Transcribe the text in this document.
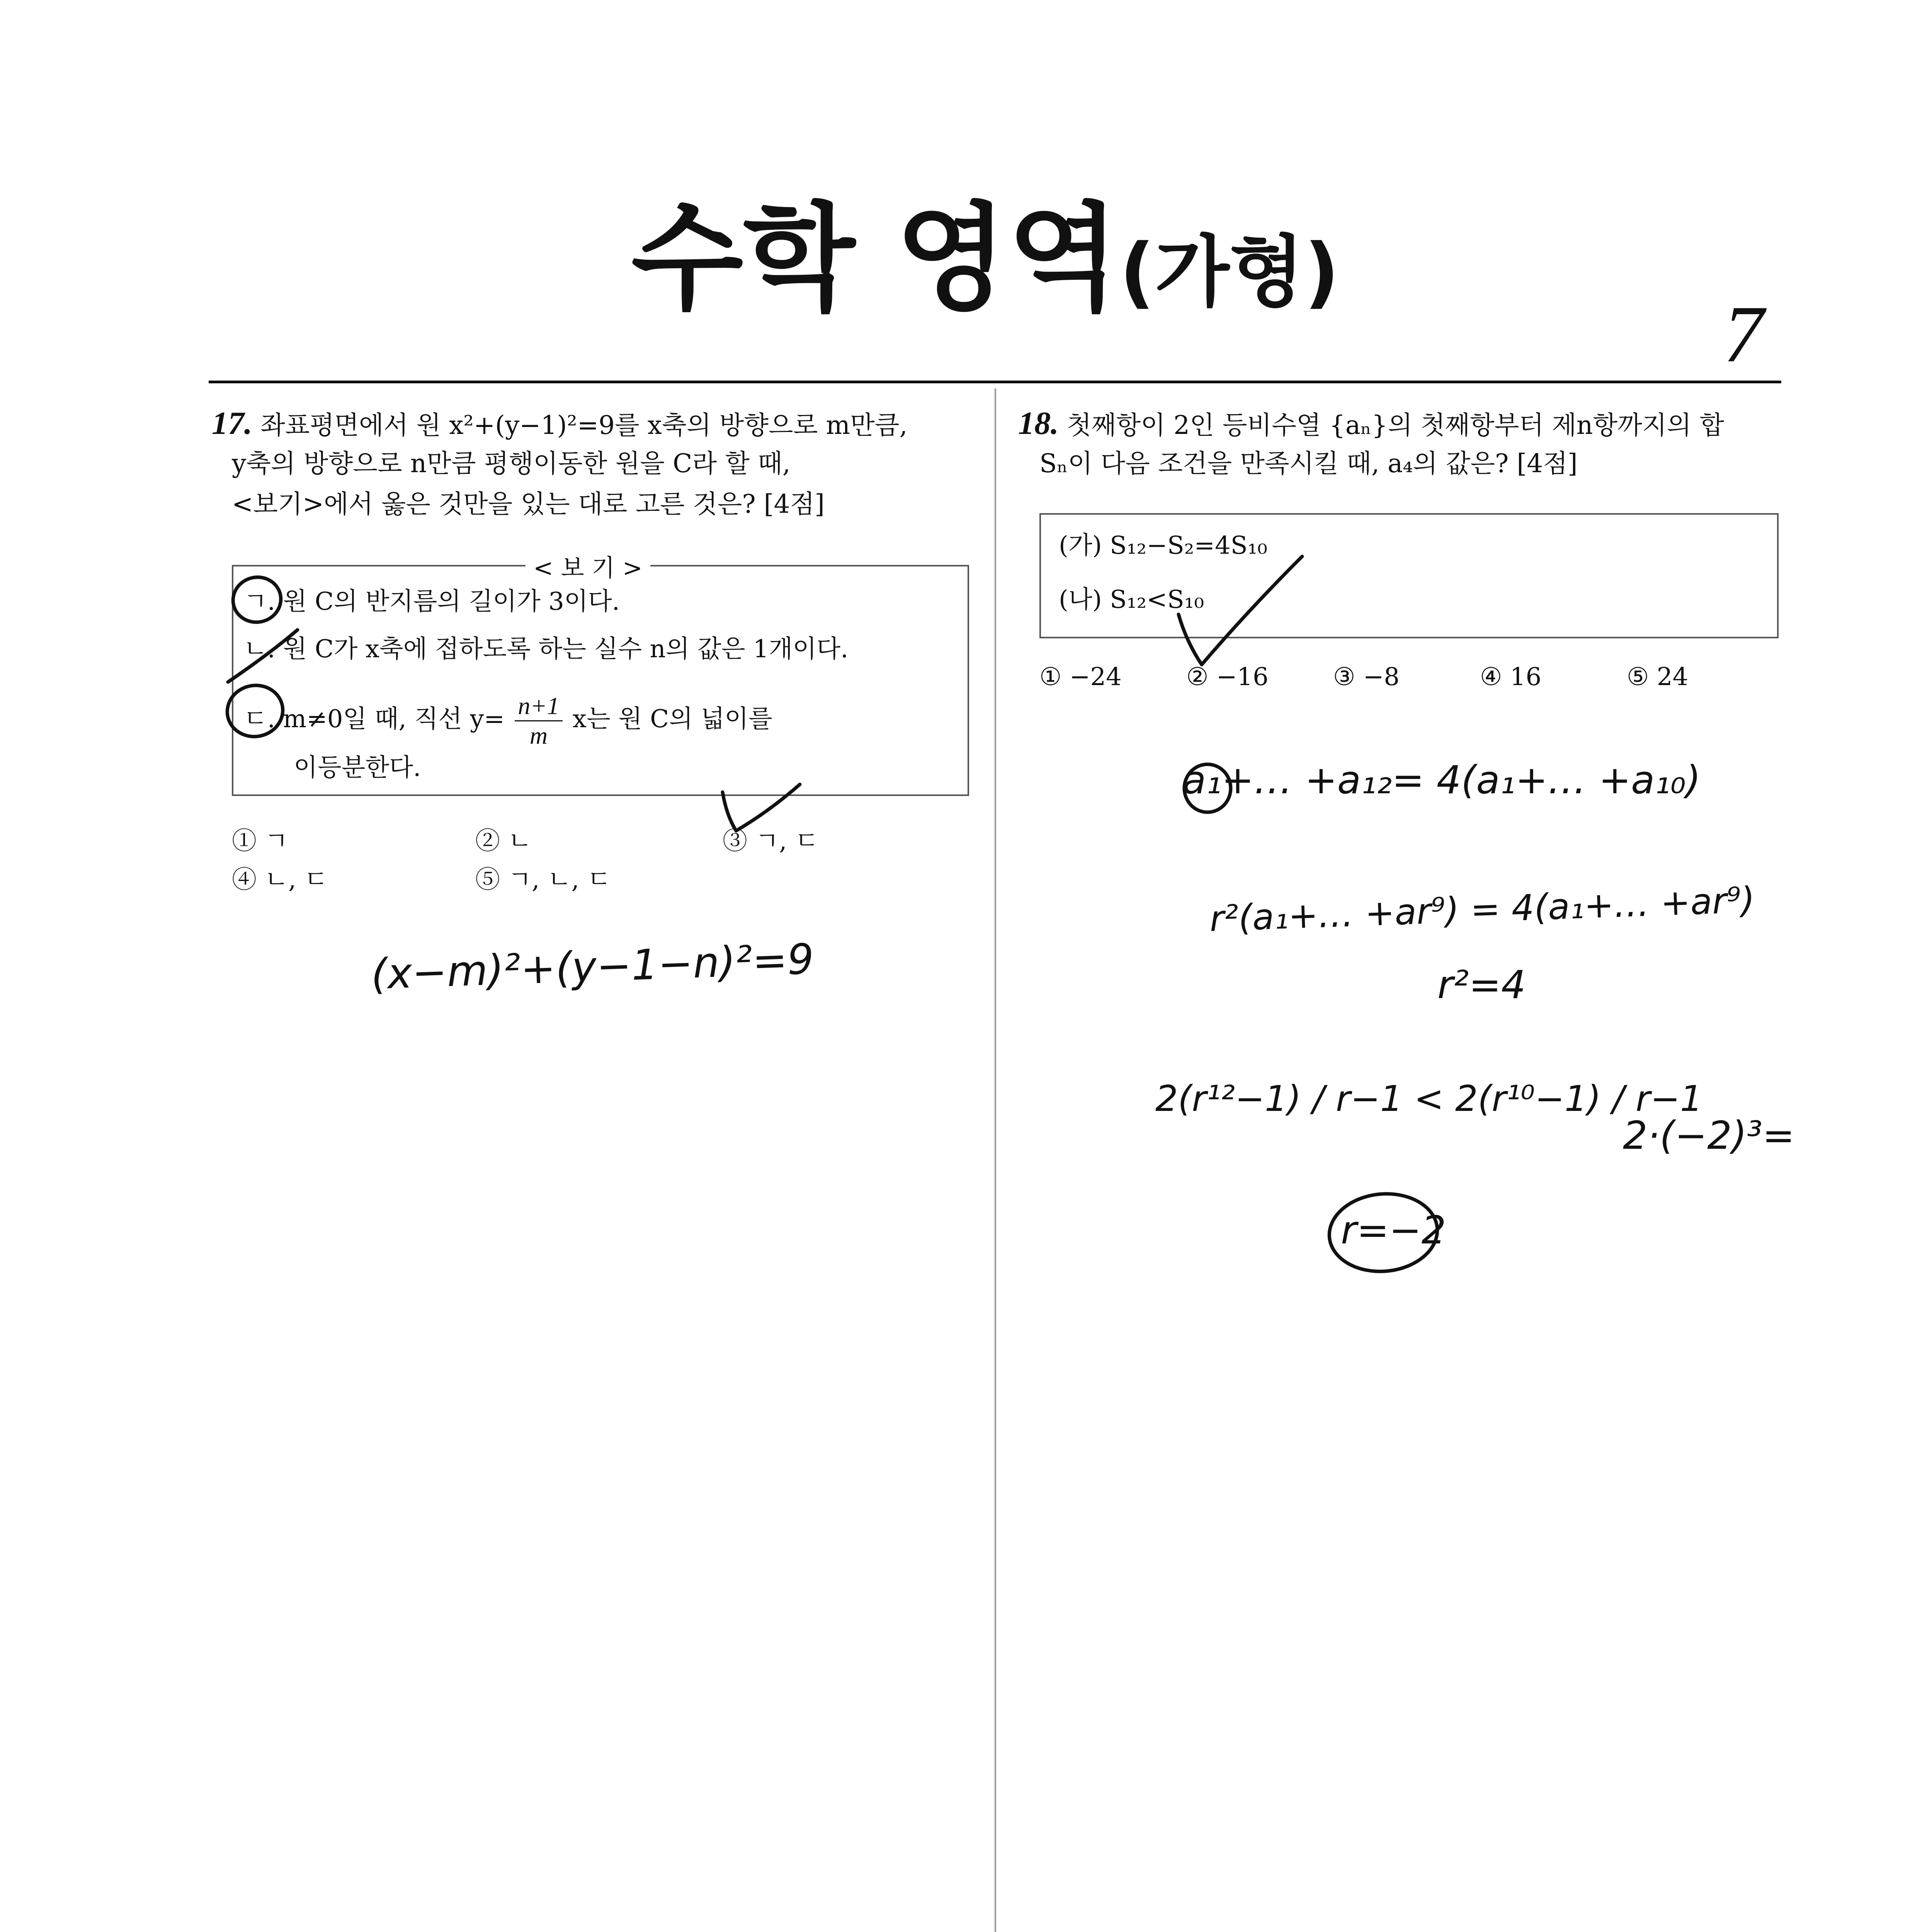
수학 영역(가형)
7
17. 좌표평면에서 원 x²+(y−1)²=9를 x축의 방향으로 m만큼,
y축의 방향으로 n만큼 평행이동한 원을 C라 할 때,
<보기>에서 옳은 것만을 있는 대로 고른 것은? [4점]
< 보 기 >
ㄱ. 원 C의 반지름의 길이가 3이다.
ㄴ. 원 C가 x축에 접하도록 하는 실수 n의 값은 1개이다.
ㄷ. m≠0일 때, 직선 $y= \frac{n+1}{m}$ x는 원 C의 넓이를
이등분한다.
① ㄱ	② ㄴ	③ ㄱ, ㄷ
④ ㄴ, ㄷ	⑤ ㄱ, ㄴ, ㄷ
18. 첫째항이 2인 등비수열 {aₙ}의 첫째항부터 제n항까지의 합
Sₙ이 다음 조건을 만족시킬 때, a₄의 값은? [4점]
(가) S₁₂−S₂=4S₁₀
(나) S₁₂<S₁₀
① −24	② −16	③ −8	④ 16	⑤ 24
(x−m)²+(y−1−n)²=9
a₁+… +a₁₂= 4(a₁+… +a₁₀)
r²(a₁+… +ar⁹) = 4(a₁+… +ar⁹)
r²=4
2(r¹²−1) / r−1 < 2(r¹⁰−1) / r−1
2·(−2)³=
r=−2
